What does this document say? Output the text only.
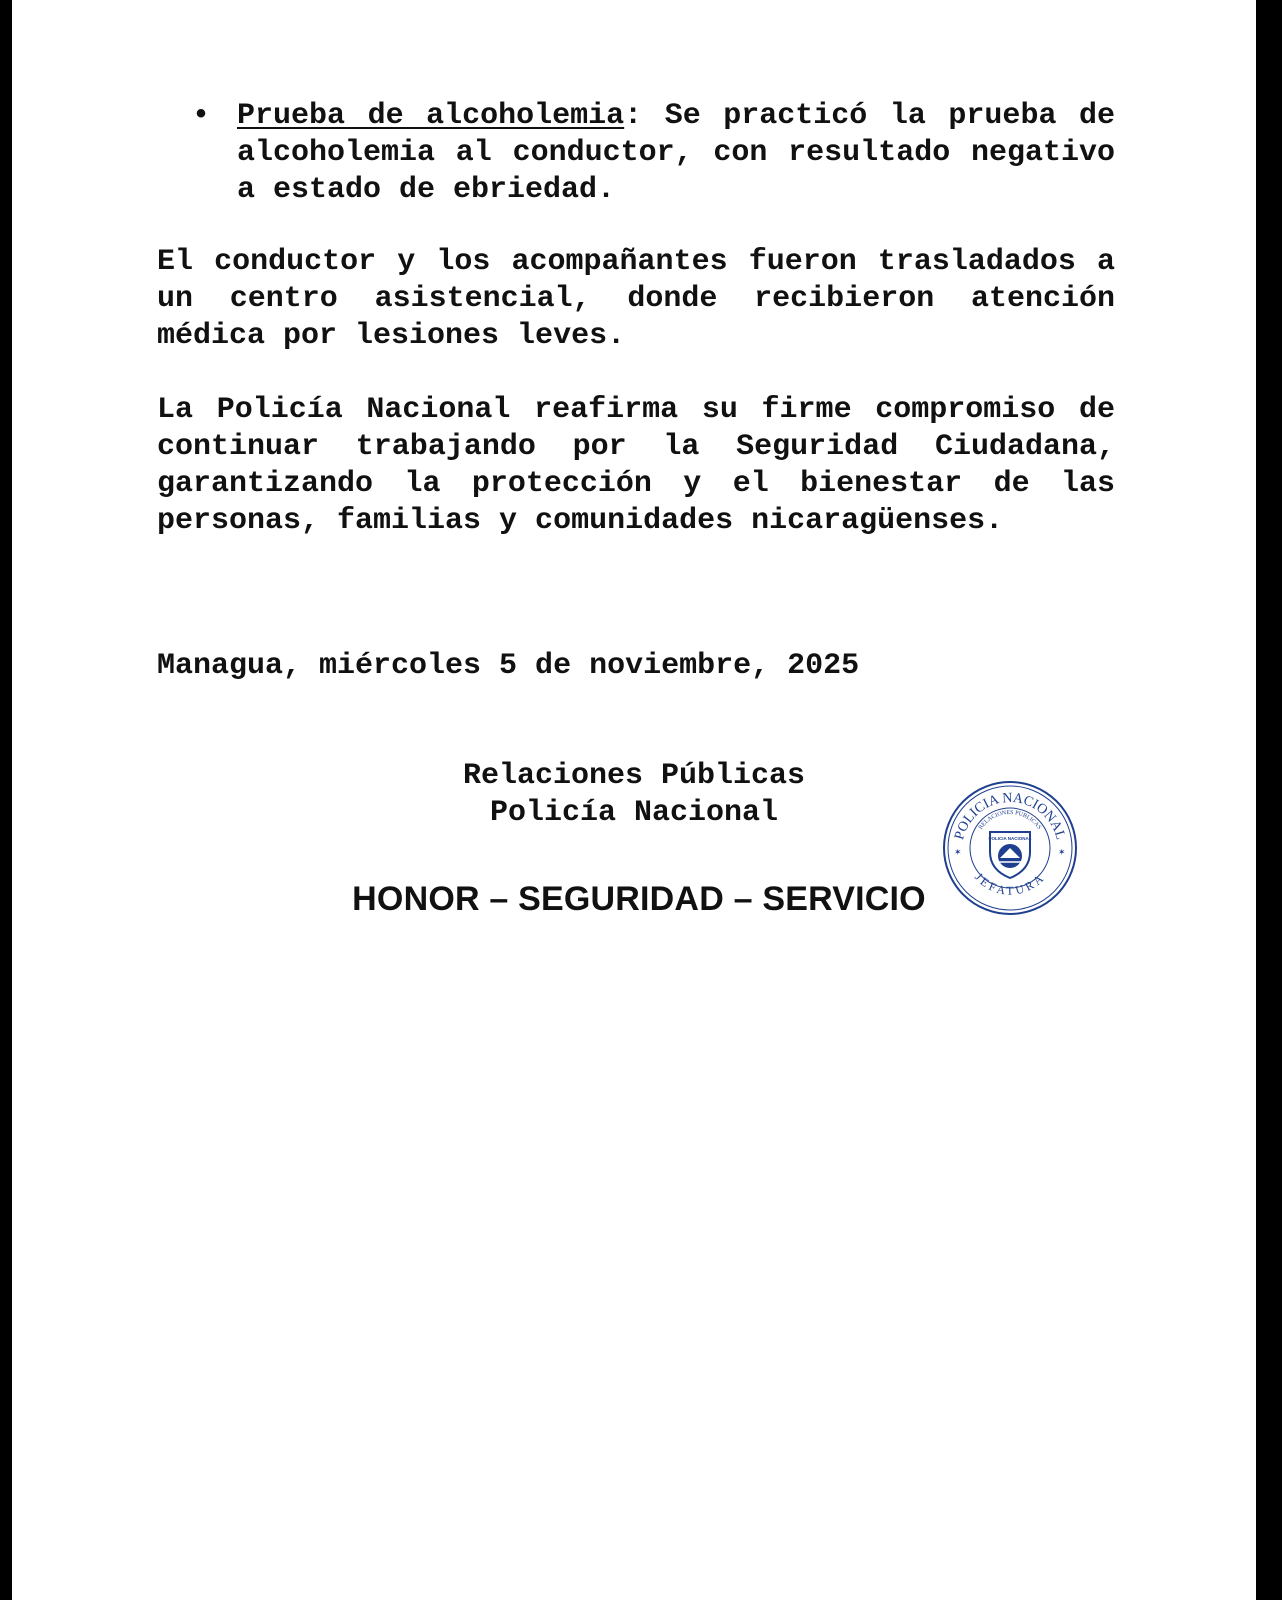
• Prueba de alcoholemia: Se practicó la prueba de alcoholemia al conductor, con resultado negativo a estado de ebriedad.

El conductor y los acompañantes fueron trasladados a un centro asistencial, donde recibieron atención médica por lesiones leves.

La Policía Nacional reafirma su firme compromiso de continuar trabajando por la Seguridad Ciudadana, garantizando la protección y el bienestar de las personas, familias y comunidades nicaragüenses.

Managua, miércoles 5 de noviembre, 2025

Relaciones Públicas

Policía Nacional

HONOR – SEGURIDAD – SERVICIO

POLICIA NACIONAL
RELACIONES PUBLICAS
JEFATURA
✶	✶
POLICIA NACIONAL
